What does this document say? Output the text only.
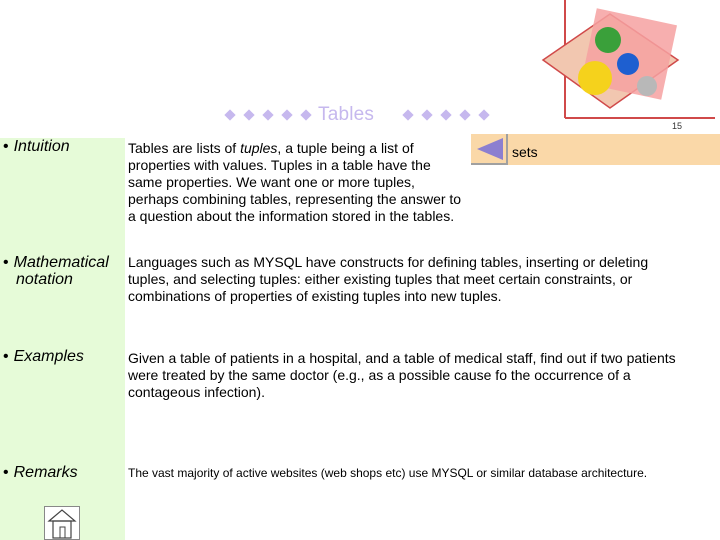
Tables
15
sets
• Intuition	Tables are lists of tuples, a tuple being a list of properties with values. Tuples in a table have the same properties. We want one or more tuples, perhaps combining tables, representing the answer to a question about the information stored in the tables.
• Mathematical
notation
Languages such as MYSQL have constructs for defining tables, inserting or deleting tuples, and selecting tuples: either existing tuples that meet certain constraints, or combinations of properties of existing tuples into new tuples.
• Examples	Given a table of patients in a hospital, and a table of medical staff, find out if two patients were treated by the same doctor (e.g., as a possible cause fo the occurrence of a contageous infection).
• Remarks	The vast majority of active websites (web shops etc) use MYSQL or similar database architecture.
